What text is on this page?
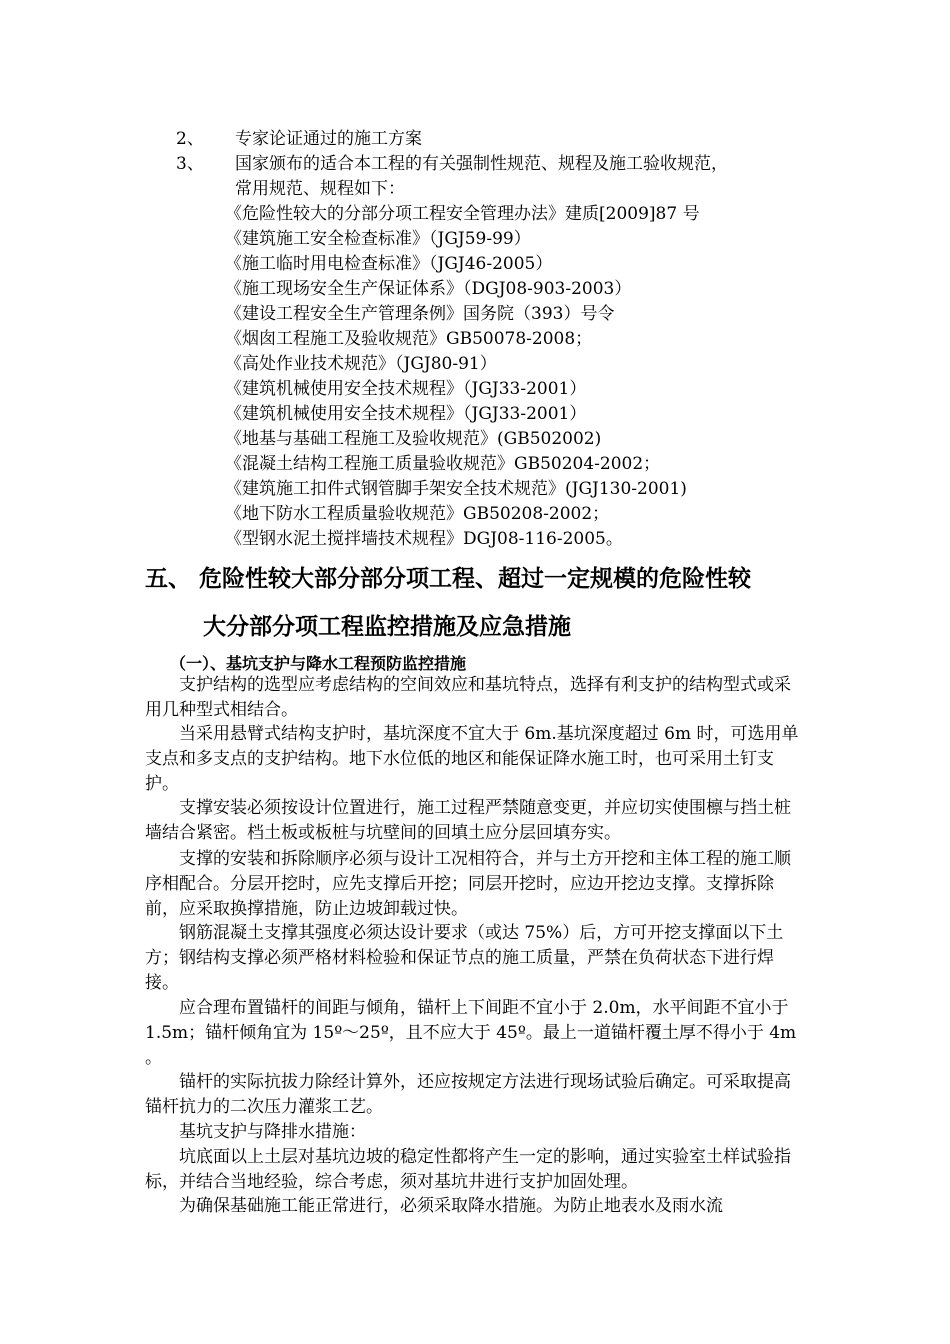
2、 专家论证通过的施工方案
3、 国家颁布的适合本工程的有关强制性规范、规程及施工验收规范，
常用规范、规程如下：
《危险性较大的分部分项工程安全管理办法》建质[2009]87 号
《建筑施工安全检查标准》（JGJ59-99）
《施工临时用电检查标准》（JGJ46-2005）
《施工现场安全生产保证体系》（DGJ08-903-2003）
《建设工程安全生产管理条例》国务院（393）号令
《烟囱工程施工及验收规范》GB50078-2008；
《高处作业技术规范》（JGJ80-91）
《建筑机械使用安全技术规程》（JGJ33-2001）
《建筑机械使用安全技术规程》（JGJ33-2001）
《地基与基础工程施工及验收规范》(GB502002)
《混凝土结构工程施工质量验收规范》GB50204-2002；
《建筑施工扣件式钢管脚手架安全技术规范》(JGJ130-2001)
《地下防水工程质量验收规范》GB50208-2002；
《型钢水泥土搅拌墙技术规程》DGJ08-116-2005。
五、 危险性较大部分部分项工程、超过一定规模的危险性较
大分部分项工程监控措施及应急措施
（一）、基坑支护与降水工程预防监控措施
支护结构的选型应考虑结构的空间效应和基坑特点，选择有利支护的结构型式或采用几种型式相结合。
当采用悬臂式结构支护时，基坑深度不宜大于 6m.基坑深度超过 6m 时，可选用单支点和多支点的支护结构。地下水位低的地区和能保证降水施工时，也可采用土钉支护。
支撑安装必须按设计位置进行，施工过程严禁随意变更，并应切实使围檩与挡土桩墙结合紧密。档土板或板桩与坑壁间的回填土应分层回填夯实。
支撑的安装和拆除顺序必须与设计工况相符合，并与土方开挖和主体工程的施工顺序相配合。分层开挖时，应先支撑后开挖；同层开挖时，应边开挖边支撑。支撑拆除前，应采取换撑措施，防止边坡卸载过快。
钢筋混凝土支撑其强度必须达设计要求（或达 75%）后，方可开挖支撑面以下土方；钢结构支撑必须严格材料检验和保证节点的施工质量，严禁在负荷状态下进行焊接。
应合理布置锚杆的间距与倾角，锚杆上下间距不宜小于 2.0m，水平间距不宜小于 1.5m；锚杆倾角宜为 15º～25º，且不应大于 45º。最上一道锚杆覆土厚不得小于 4m 。
锚杆的实际抗拔力除经计算外，还应按规定方法进行现场试验后确定。可采取提高锚杆抗力的二次压力灌浆工艺。
基坑支护与降排水措施：
坑底面以上土层对基坑边坡的稳定性都将产生一定的影响，通过实验室土样试验指标，并结合当地经验，综合考虑，须对基坑井进行支护加固处理。
为确保基础施工能正常进行，必须采取降水措施。为防止地表水及雨水流
